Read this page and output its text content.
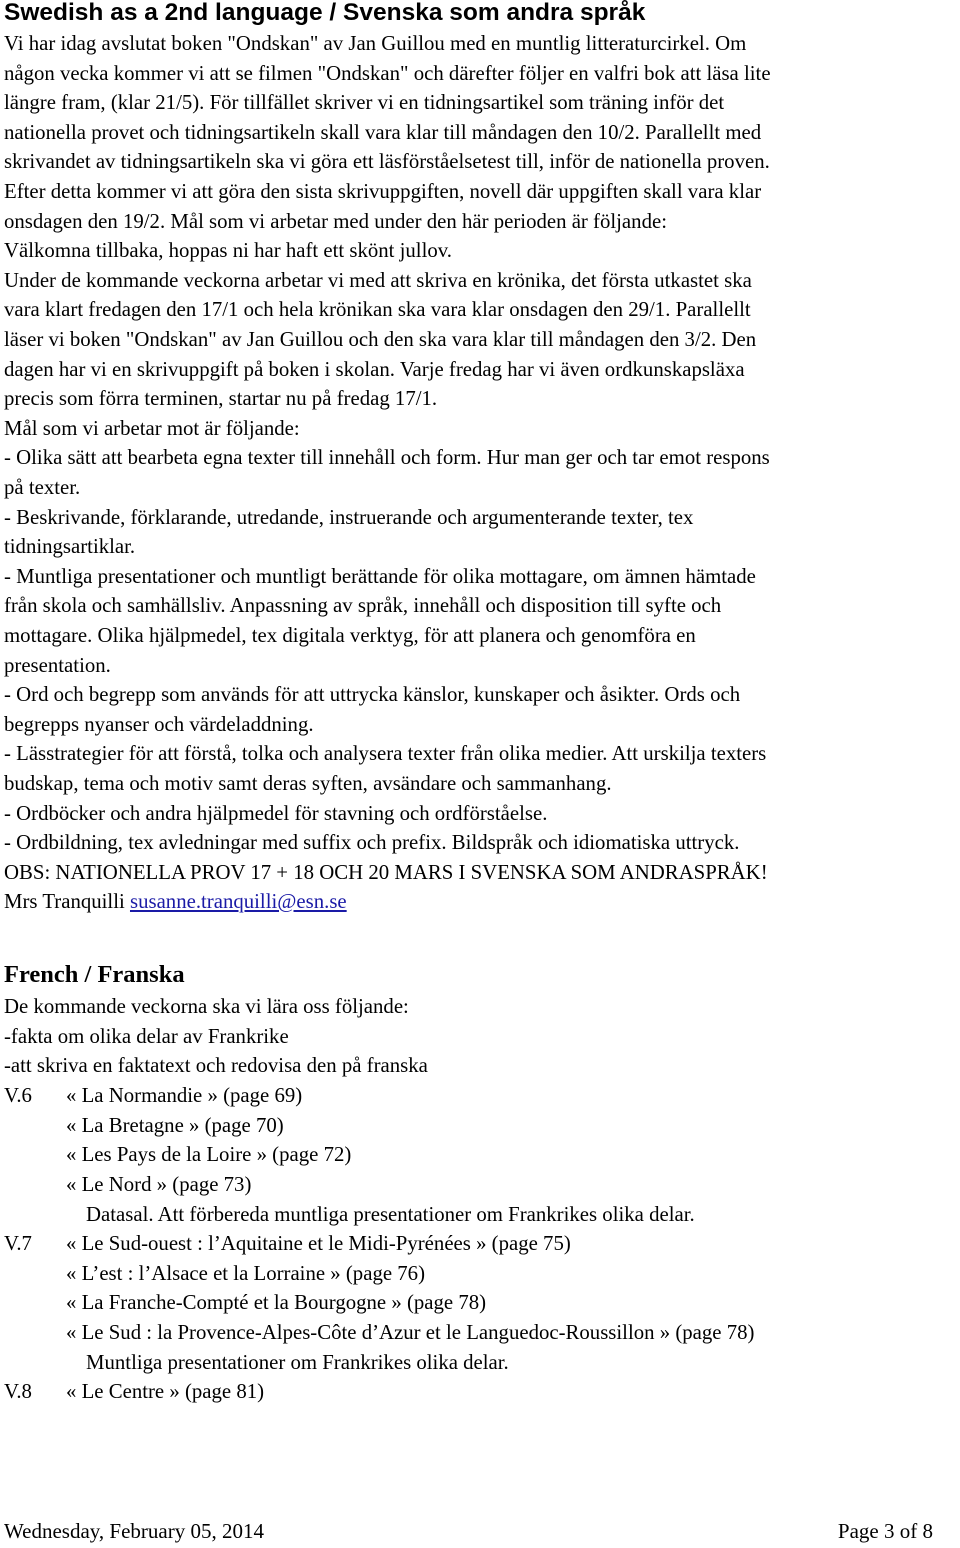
Swedish as a 2nd language / Svenska som andra språk
Vi har idag avslutat boken "Ondskan" av Jan Guillou med en muntlig litteraturcirkel. Om
någon vecka kommer vi att se filmen "Ondskan" och därefter följer en valfri bok att läsa lite
längre fram, (klar 21/5). För tillfället skriver vi en tidningsartikel som träning inför det
nationella provet och tidningsartikeln skall vara klar till måndagen den 10/2. Parallellt med
skrivandet av tidningsartikeln ska vi göra ett läsförståelsetest till, inför de nationella proven.
Efter detta kommer vi att göra den sista skrivuppgiften, novell där uppgiften skall vara klar
onsdagen den 19/2. Mål som vi arbetar med under den här perioden är följande:
Välkomna tillbaka, hoppas ni har haft ett skönt jullov.
Under de kommande veckorna arbetar vi med att skriva en krönika, det första utkastet ska
vara klart fredagen den 17/1 och hela krönikan ska vara klar onsdagen den 29/1. Parallellt
läser vi boken "Ondskan" av Jan Guillou och den ska vara klar till måndagen den 3/2. Den
dagen har vi en skrivuppgift på boken i skolan. Varje fredag har vi även ordkunskapsläxa
precis som förra terminen, startar nu på fredag 17/1.
Mål som vi arbetar mot är följande:
- Olika sätt att bearbeta egna texter till innehåll och form. Hur man ger och tar emot respons
på texter.
- Beskrivande, förklarande, utredande, instruerande och argumenterande texter, tex
tidningsartiklar.
- Muntliga presentationer och muntligt berättande för olika mottagare, om ämnen hämtade
från skola och samhällsliv. Anpassning av språk, innehåll och disposition till syfte och
mottagare. Olika hjälpmedel, tex digitala verktyg, för att planera och genomföra en
presentation.
- Ord och begrepp som används för att uttrycka känslor, kunskaper och åsikter. Ords och
begrepps nyanser och värdeladdning.
- Lässtrategier för att förstå, tolka och analysera texter från olika medier. Att urskilja texters
budskap, tema och motiv samt deras syften, avsändare och sammanhang.
- Ordböcker och andra hjälpmedel för stavning och ordförståelse.
- Ordbildning, tex avledningar med suffix och prefix. Bildspråk och idiomatiska uttryck.
OBS: NATIONELLA PROV 17 + 18 OCH 20 MARS I SVENSKA SOM ANDRASPRÅK!
Mrs Tranquilli susanne.tranquilli@esn.se
French / Franska
De kommande veckorna ska vi lära oss följande:
-fakta om olika delar av Frankrike
-att skriva en faktatext och redovisa den på franska
V.6 « La Normandie » (page 69)
« La Bretagne » (page 70)
« Les Pays de la Loire » (page 72)
« Le Nord » (page 73)
Datasal. Att förbereda muntliga presentationer om Frankrikes olika delar.
V.7 « Le Sud-ouest : l’Aquitaine et le Midi-Pyrénées » (page 75)
« L’est : l’Alsace et la Lorraine » (page 76)
« La Franche-Compté et la Bourgogne » (page 78)
« Le Sud : la Provence-Alpes-Côte d’Azur et le Languedoc-Roussillon » (page 78)
Muntliga presentationer om Frankrikes olika delar.
V.8 « Le Centre » (page 81)
Wednesday, February 05, 2014	Page 3 of 8
